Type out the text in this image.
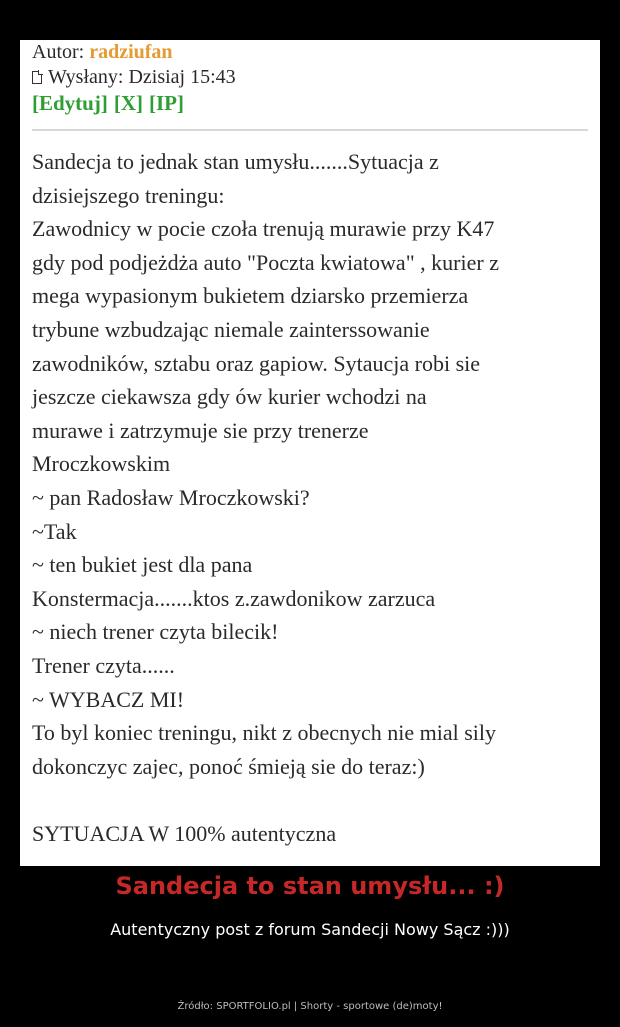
Autor: radziufan
Wysłany: Dzisiaj 15:43
[Edytuj] [X] [IP]
Sandecja to jednak stan umysłu.......Sytuacja z
dzisiejszego treningu:
Zawodnicy w pocie czoła trenują murawie przy K47
gdy pod podjeżdża auto "Poczta kwiatowa" , kurier z
mega wypasionym bukietem dziarsko przemierza
trybune wzbudzając niemale zainterssowanie
zawodników, sztabu oraz gapiow. Sytaucja robi sie
jeszcze ciekawsza gdy ów kurier wchodzi na
murawe i zatrzymuje sie przy trenerze
Mroczkowskim
~ pan Radosław Mroczkowski?
~Tak
~ ten bukiet jest dla pana
Konstermacja.......ktos z.zawdonikow zarzuca
~ niech trener czyta bilecik!
Trener czyta......
~ WYBACZ MI!
To byl koniec treningu, nikt z obecnych nie mial sily
dokonczyc zajec, ponoć śmieją sie do teraz:)
SYTUACJA W 100% autentyczna
Sandecja to stan umysłu... :)
Autentyczny post z forum Sandecji Nowy Sącz :)))
Źródło: SPORTFOLIO.pl | Shorty - sportowe (de)moty!
